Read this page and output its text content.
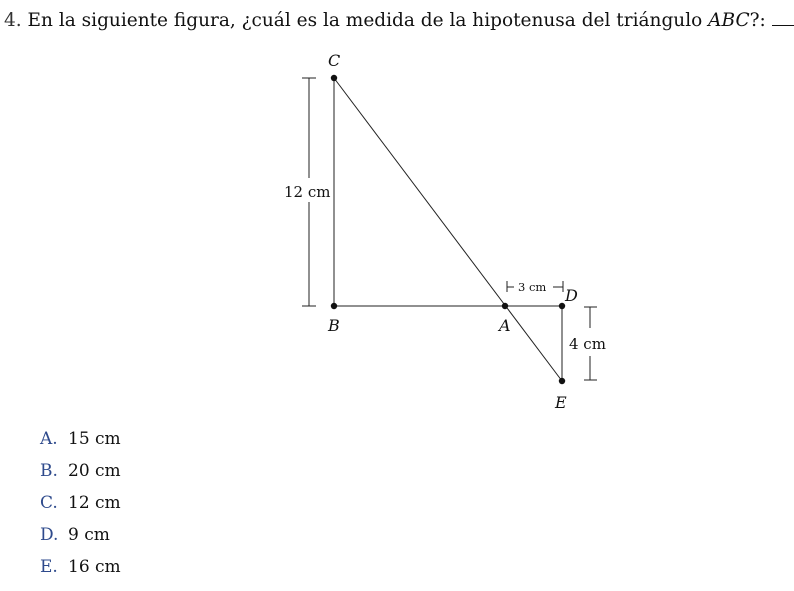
4. En la siguiente figura, ¿cuál es la medida de la hipotenusa del triángulo ABC?:
C
B	A
D
E
12 cm
3 cm
4 cm
A. 15 cm
B. 20 cm
C. 12 cm
D. 9 cm
E. 16 cm
